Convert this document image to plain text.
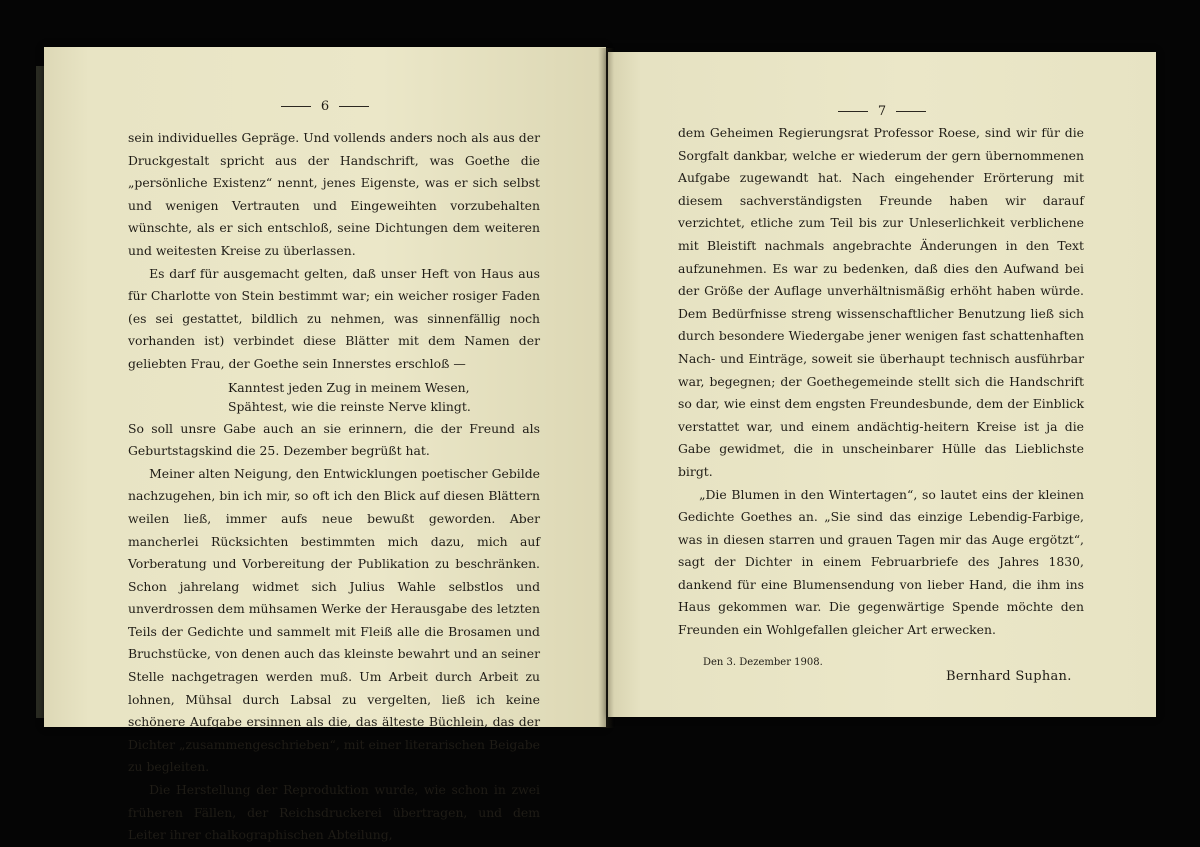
6

sein individuelles Gepräge. Und vollends anders noch als aus der Druckgestalt spricht aus der Handschrift, was Goethe die „persönliche Existenz“ nennt, jenes Eigenste, was er sich selbst und wenigen Vertrauten und Eingeweihten vorzubehalten wünschte, als er sich entschloß, seine Dichtungen dem weiteren und weitesten Kreise zu überlassen.

Es darf für ausgemacht gelten, daß unser Heft von Haus aus für Charlotte von Stein bestimmt war; ein weicher rosiger Faden (es sei gestattet, bildlich zu nehmen, was sinnenfällig noch vorhanden ist) verbindet diese Blätter mit dem Namen der geliebten Frau, der Goethe sein Innerstes erschloß —

Kanntest jeden Zug in meinem Wesen,
Spähtest, wie die reinste Nerve klingt.

So soll unsre Gabe auch an sie erinnern, die der Freund als Geburtstagskind die 25. Dezember begrüßt hat.

Meiner alten Neigung, den Entwicklungen poetischer Gebilde nachzugehen, bin ich mir, so oft ich den Blick auf diesen Blättern weilen ließ, immer aufs neue bewußt geworden. Aber mancherlei Rücksichten bestimmten mich dazu, mich auf Vorberatung und Vorbereitung der Publikation zu beschränken. Schon jahrelang widmet sich Julius Wahle selbstlos und unverdrossen dem mühsamen Werke der Herausgabe des letzten Teils der Gedichte und sammelt mit Fleiß alle die Brosamen und Bruchstücke, von denen auch das kleinste bewahrt und an seiner Stelle nachgetragen werden muß. Um Arbeit durch Arbeit zu lohnen, Mühsal durch Labsal zu vergelten, ließ ich keine schönere Aufgabe ersinnen als die, das älteste Büchlein, das der Dichter „zusammengeschrieben“, mit einer literarischen Beigabe zu begleiten.

Die Herstellung der Reproduktion wurde, wie schon in zwei früheren Fällen, der Reichsdruckerei übertragen, und dem Leiter ihrer chalkographischen Abteilung,

7

dem Geheimen Regierungsrat Professor Roese, sind wir für die Sorgfalt dankbar, welche er wiederum der gern übernommenen Aufgabe zugewandt hat. Nach eingehender Erörterung mit diesem sachverständigsten Freunde haben wir darauf verzichtet, etliche zum Teil bis zur Unleserlichkeit verblichene mit Bleistift nachmals angebrachte Änderungen in den Text aufzunehmen. Es war zu bedenken, daß dies den Aufwand bei der Größe der Auflage unverhältnismäßig erhöht haben würde. Dem Bedürfnisse streng wissenschaftlicher Benutzung ließ sich durch besondere Wiedergabe jener wenigen fast schattenhaften Nach- und Einträge, soweit sie überhaupt technisch ausführbar war, begegnen; der Goethegemeinde stellt sich die Handschrift so dar, wie einst dem engsten Freundesbunde, dem der Einblick verstattet war, und einem andächtig-heitern Kreise ist ja die Gabe gewidmet, die in unscheinbarer Hülle das Lieblichste birgt.

„Die Blumen in den Wintertagen“, so lautet eins der kleinen Gedichte Goethes an. „Sie sind das einzige Lebendig-Farbige, was in diesen starren und grauen Tagen mir das Auge ergötzt“, sagt der Dichter in einem Februarbriefe des Jahres 1830, dankend für eine Blumensendung von lieber Hand, die ihm ins Haus gekommen war. Die gegenwärtige Spende möchte den Freunden ein Wohlgefallen gleicher Art erwecken.

Den 3. Dezember 1908.
Bernhard Suphan.
